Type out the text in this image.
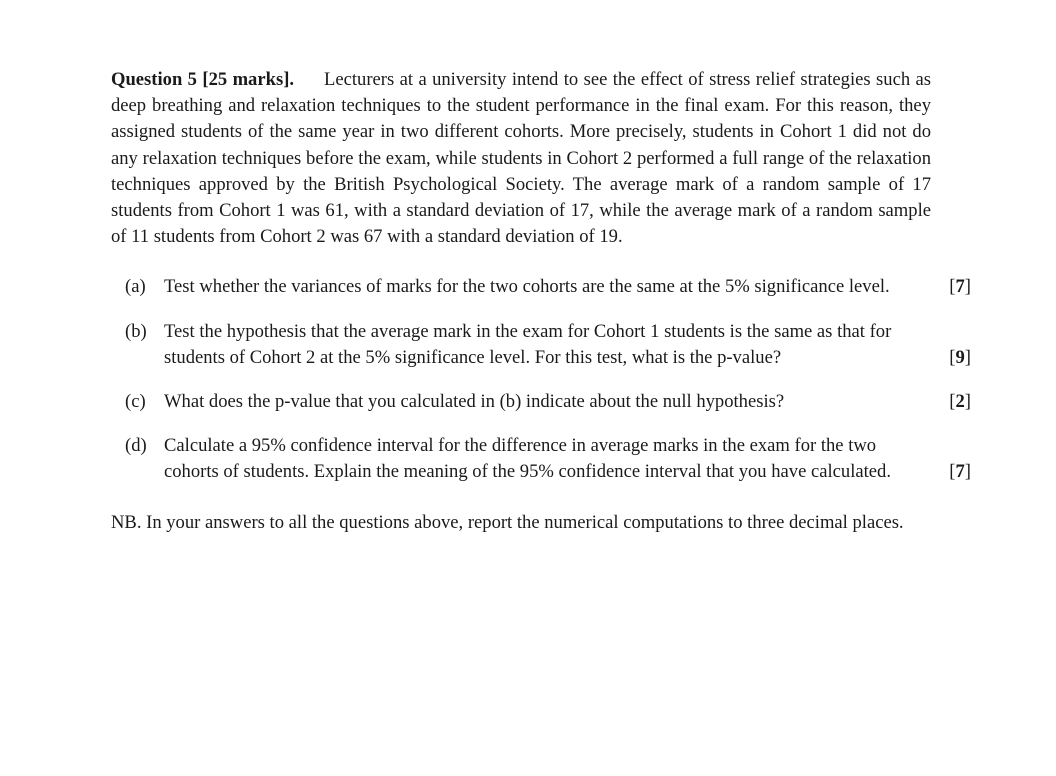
Question 5 [25 marks]. Lecturers at a university intend to see the effect of stress relief strategies such as deep breathing and relaxation techniques to the student performance in the final exam. For this reason, they assigned students of the same year in two different cohorts. More precisely, students in Cohort 1 did not do any relaxation techniques before the exam, while students in Cohort 2 performed a full range of the relaxation techniques approved by the British Psychological Society. The average mark of a random sample of 17 students from Cohort 1 was 61, with a standard deviation of 17, while the average mark of a random sample of 11 students from Cohort 2 was 67 with a standard deviation of 19.
(a) Test whether the variances of marks for the two cohorts are the same at the 5% significance level.	[7]
(b) Test the hypothesis that the average mark in the exam for Cohort 1 students is the same as that for students of Cohort 2 at the 5% significance level. For this test, what is the p-value?	[9]
(c) What does the p-value that you calculated in (b) indicate about the null hypothesis?	[2]
(d) Calculate a 95% confidence interval for the difference in average marks in the exam for the two cohorts of students. Explain the meaning of the 95% confidence interval that you have calculated.	[7]
NB. In your answers to all the questions above, report the numerical computations to three decimal places.
